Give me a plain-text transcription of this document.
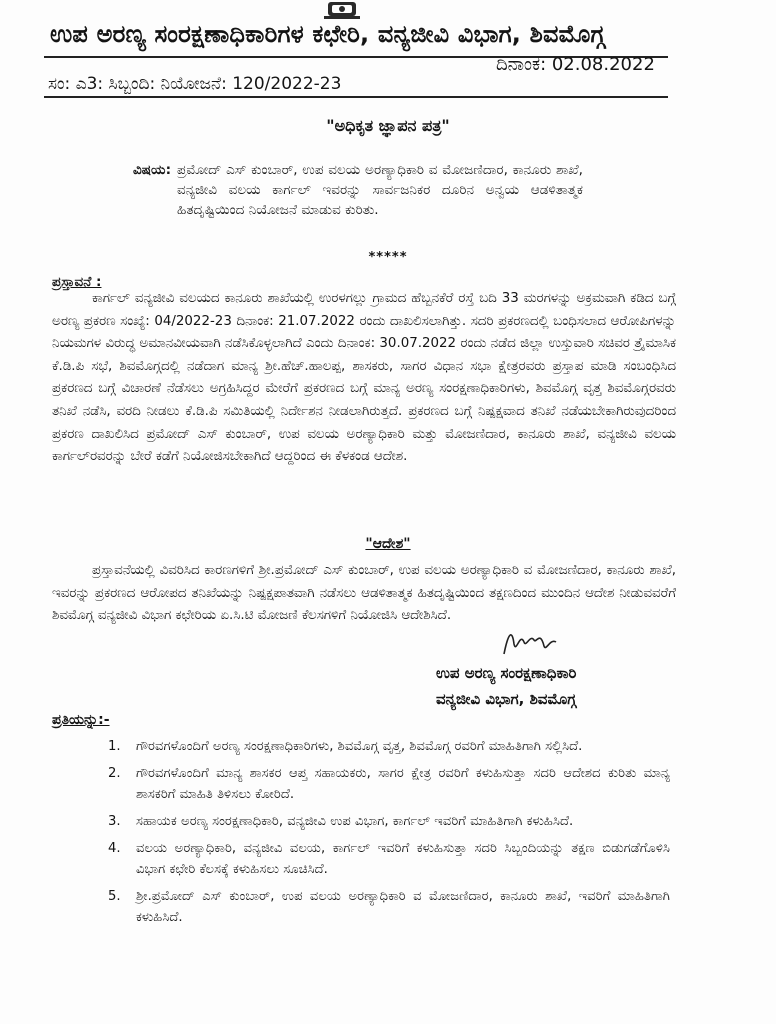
ಉಪ ಅರಣ್ಯ ಸಂರಕ್ಷಣಾಧಿಕಾರಿಗಳ ಕಛೇರಿ, ವನ್ಯಜೀವಿ ವಿಭಾಗ, ಶಿವಮೊಗ್ಗ
ದಿನಾಂಕ: 02.08.2022
ಸಂ: ಎ3: ಸಿಬ್ಬಂದಿ: ನಿಯೋಜನೆ: 120/2022-23
"ಅಧಿಕೃತ ಜ್ಞಾಪನ ಪತ್ರ"
ವಿಷಯ: ಪ್ರಮೋದ್ ಎಸ್ ಕುಂಬಾರ್, ಉಪ ವಲಯ ಅರಣ್ಯಾಧಿಕಾರಿ ವ ಮೋಜಣಿದಾರ, ಕಾನೂರು ಶಾಖೆ, ವನ್ಯಜೀವಿ ವಲಯ ಕಾರ್ಗಲ್ ಇವರನ್ನು ಸಾರ್ವಜನಿಕರ ದೂರಿನ ಅನ್ವಯ ಆಡಳಿತಾತ್ಮಕ ಹಿತದೃಷ್ಟಿಯಿಂದ ನಿಯೋಜನೆ ಮಾಡುವ ಕುರಿತು.
*****
ಪ್ರಸ್ತಾವನೆ :
ಕಾರ್ಗಲ್ ವನ್ಯಜೀವಿ ವಲಯದ ಕಾನೂರು ಶಾಖೆಯಲ್ಲಿ ಉರಳಗಲ್ಲು ಗ್ರಾಮದ ಹೆಬ್ಬನಕೆರೆ ರಸ್ತೆ ಬದಿ 33 ಮರಗಳನ್ನು ಅಕ್ರಮವಾಗಿ ಕಡಿದ ಬಗ್ಗೆ ಅರಣ್ಯ ಪ್ರಕರಣ ಸಂಖ್ಯೆ: 04/2022-23 ದಿನಾಂಕ: 21.07.2022 ರಂದು ದಾಖಲಿಸಲಾಗಿತ್ತು. ಸದರಿ ಪ್ರಕರಣದಲ್ಲಿ ಬಂಧಿಸಲಾದ ಆರೋಪಿಗಳನ್ನು ನಿಯಮಗಳ ವಿರುದ್ಧ ಅಮಾನವೀಯವಾಗಿ ನಡೆಸಿಕೊಳ್ಳಲಾಗಿದೆ ಎಂದು ದಿನಾಂಕ: 30.07.2022 ರಂದು ನಡೆದ ಜಿಲ್ಲಾ ಉಸ್ತುವಾರಿ ಸಚಿವರ ತ್ರೈಮಾಸಿಕ ಕೆ.ಡಿ.ಪಿ ಸಭೆ, ಶಿವಮೊಗ್ಗದಲ್ಲಿ ನಡೆದಾಗ ಮಾನ್ಯ ಶ್ರೀ.ಹೆಚ್.ಹಾಲಪ್ಪ, ಶಾಸಕರು, ಸಾಗರ ವಿಧಾನ ಸಭಾ ಕ್ಷೇತ್ರರವರು ಪ್ರಸ್ತಾಪ ಮಾಡಿ ಸಂಬಂಧಿಸಿದ ಪ್ರಕರಣದ ಬಗ್ಗೆ ವಿಚಾರಣೆ ನೆಡೆಸಲು ಅಗ್ರಹಿಸಿದ್ದರ ಮೇರೆಗೆ ಪ್ರಕರಣದ ಬಗ್ಗೆ ಮಾನ್ಯ ಅರಣ್ಯ ಸಂರಕ್ಷಣಾಧಿಕಾರಿಗಳು, ಶಿವಮೊಗ್ಗ ವೃತ್ತ ಶಿವಮೊಗ್ಗರವರು ತನಿಖೆ ನಡೆಸಿ, ವರದಿ ನೀಡಲು ಕೆ.ಡಿ.ಪಿ ಸಮಿತಿಯಲ್ಲಿ ನಿರ್ದೇಶನ ನೀಡಲಾಗಿರುತ್ತದೆ. ಪ್ರಕರಣದ ಬಗ್ಗೆ ನಿಷ್ಪಕ್ಷವಾದ ತನಿಖೆ ನಡೆಯಬೇಕಾಗಿರುವುದರಿಂದ ಪ್ರಕರಣ ದಾಖಲಿಸಿದ ಪ್ರಮೋದ್ ಎಸ್ ಕುಂಬಾರ್, ಉಪ ವಲಯ ಅರಣ್ಯಾಧಿಕಾರಿ ಮತ್ತು ಮೋಜಣಿದಾರ, ಕಾನೂರು ಶಾಖೆ, ವನ್ಯಜೀವಿ ವಲಯ ಕಾರ್ಗಲ್‌ರವರನ್ನು ಬೇರೆ ಕಡೆಗೆ ನಿಯೋಜಿಸಬೇಕಾಗಿದೆ ಆದ್ದರಿಂದ ಈ ಕೆಳಕಂಡ ಆದೇಶ.
"ಆದೇಶ"
ಪ್ರಸ್ತಾವನೆಯಲ್ಲಿ ವಿವರಿಸಿದ ಕಾರಣಗಳಿಗೆ ಶ್ರೀ.ಪ್ರಮೋದ್ ಎಸ್ ಕುಂಬಾರ್, ಉಪ ವಲಯ ಅರಣ್ಯಾಧಿಕಾರಿ ವ ಮೋಜಣಿದಾರ, ಕಾನೂರು ಶಾಖೆ, ಇವರನ್ನು ಪ್ರಕರಣದ ಆರೋಪದ ತನಿಖೆಯನ್ನು ನಿಷ್ಪಕ್ಷಪಾತವಾಗಿ ನಡೆಸಲು ಆಡಳಿತಾತ್ಮಕ ಹಿತದೃಷ್ಟಿಯಿಂದ ತಕ್ಷಣದಿಂದ ಮುಂದಿನ ಆದೇಶ ನೀಡುವವರೆಗೆ ಶಿವಮೊಗ್ಗ ವನ್ಯಜೀವಿ ವಿಭಾಗ ಕಛೇರಿಯ ಏ.ಸಿ.ಟಿ ಮೋಜಣಿ ಕೆಲಸಗಳಿಗೆ ನಿಯೋಜಿಸಿ ಆದೇಶಿಸಿದೆ.
ಉಪ ಅರಣ್ಯ ಸಂರಕ್ಷಣಾಧಿಕಾರಿ
ವನ್ಯಜೀವಿ ವಿಭಾಗ, ಶಿವಮೊಗ್ಗ
ಪ್ರತಿಯನ್ನು:-
1. ಗೌರವಗಳೊಂದಿಗೆ ಅರಣ್ಯ ಸಂರಕ್ಷಣಾಧಿಕಾರಿಗಳು, ಶಿವಮೊಗ್ಗ ವೃತ್ತ, ಶಿವಮೊಗ್ಗ ರವರಿಗೆ ಮಾಹಿತಿಗಾಗಿ ಸಲ್ಲಿಸಿದೆ.
2. ಗೌರವಗಳೊಂದಿಗೆ ಮಾನ್ಯ ಶಾಸಕರ ಆಪ್ತ ಸಹಾಯಕರು, ಸಾಗರ ಕ್ಷೇತ್ರ ರವರಿಗೆ ಕಳುಹಿಸುತ್ತಾ ಸದರಿ ಆದೇಶದ ಕುರಿತು ಮಾನ್ಯ ಶಾಸಕರಿಗೆ ಮಾಹಿತಿ ತಿಳಿಸಲು ಕೋರಿದೆ.
3. ಸಹಾಯಕ ಅರಣ್ಯ ಸಂರಕ್ಷಣಾಧಿಕಾರಿ, ವನ್ಯಜೀವಿ ಉಪ ವಿಭಾಗ, ಕಾರ್ಗಲ್ ಇವರಿಗೆ ಮಾಹಿತಿಗಾಗಿ ಕಳುಹಿಸಿದೆ.
4. ವಲಯ ಅರಣ್ಯಾಧಿಕಾರಿ, ವನ್ಯಜೀವಿ ವಲಯ, ಕಾರ್ಗಲ್ ಇವರಿಗೆ ಕಳುಹಿಸುತ್ತಾ ಸದರಿ ಸಿಬ್ಬಂದಿಯನ್ನು ತಕ್ಷಣ ಬಿಡುಗಡೆಗೊಳಿಸಿ ವಿಭಾಗ ಕಛೇರಿ ಕೆಲಸಕ್ಕೆ ಕಳುಹಿಸಲು ಸೂಚಿಸಿದೆ.
5. ಶ್ರೀ.ಪ್ರಮೋದ್ ಎಸ್ ಕುಂಬಾರ್, ಉಪ ವಲಯ ಅರಣ್ಯಾಧಿಕಾರಿ ವ ಮೋಜಣಿದಾರ, ಕಾನೂರು ಶಾಖೆ, ಇವರಿಗೆ ಮಾಹಿತಿಗಾಗಿ ಕಳುಹಿಸಿದೆ.
